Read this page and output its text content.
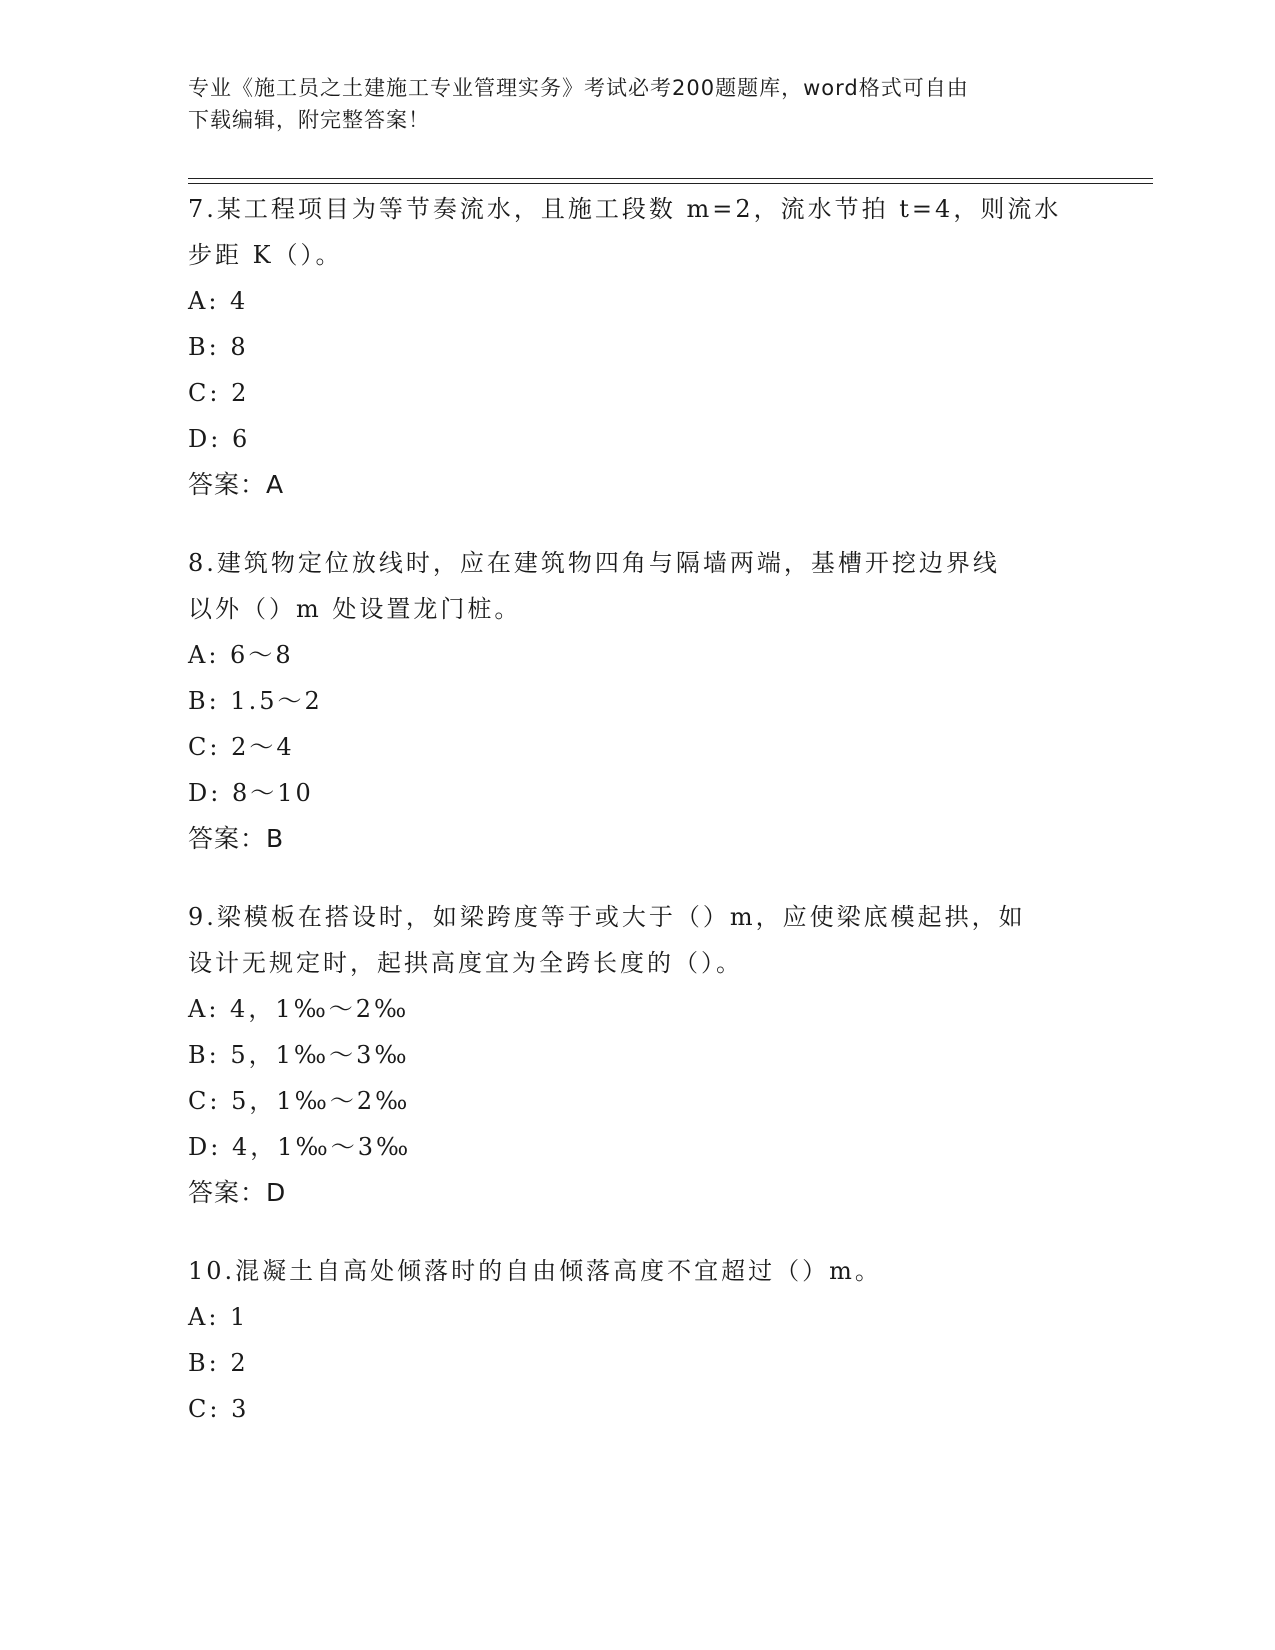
专业《施工员之土建施工专业管理实务》考试必考200题题库，word格式可自由
下载编辑，附完整答案！
7.某工程项目为等节奏流水，且施工段数 m=2，流水节拍 t=4，则流水
步距 K（）。
A: 4
B: 8
C: 2
D: 6
答案：A
8.建筑物定位放线时，应在建筑物四角与隔墙两端，基槽开挖边界线
以外（）m 处设置龙门桩。
A: 6～8
B: 1.5～2
C: 2～4
D: 8～10
答案：B
9.梁模板在搭设时，如梁跨度等于或大于（）m，应使梁底模起拱，如
设计无规定时，起拱高度宜为全跨长度的（）。
A: 4，1‰～2‰
B: 5，1‰～3‰
C: 5，1‰～2‰
D: 4，1‰～3‰
答案：D
10.混凝土自高处倾落时的自由倾落高度不宜超过（）m。
A: 1
B: 2
C: 3
